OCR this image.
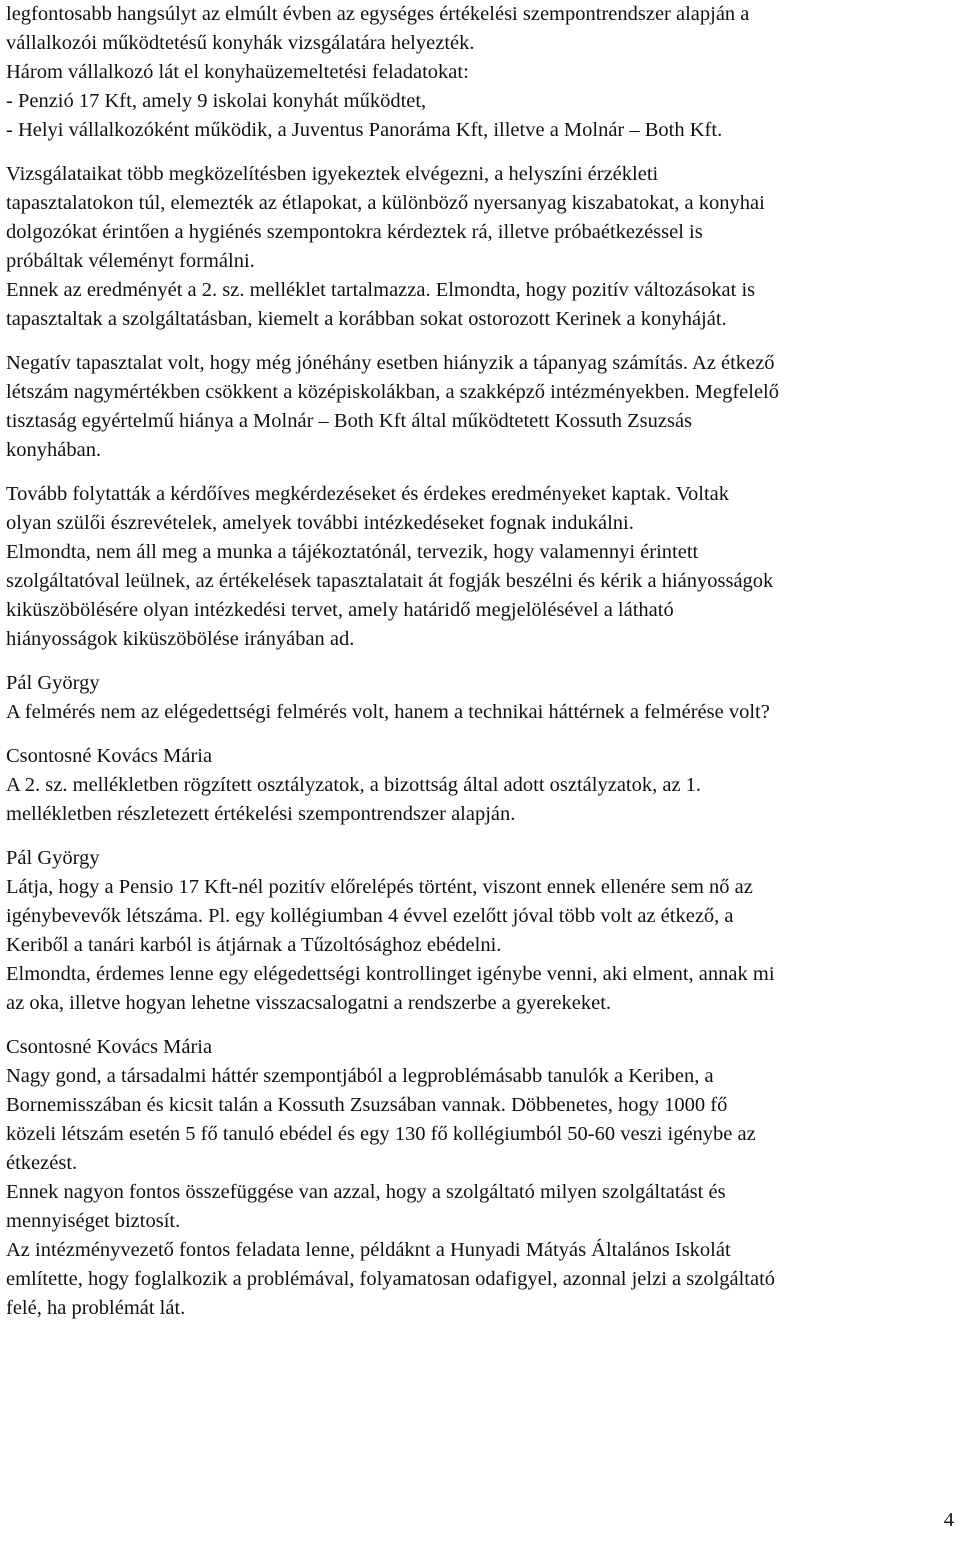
legfontosabb hangsúlyt az elmúlt évben az egységes értékelési szempontrendszer alapján a
vállalkozói működtetésű konyhák vizsgálatára helyezték.
Három vállalkozó lát el konyhaüzemeltetési feladatokat:
- Penzió 17 Kft, amely 9 iskolai konyhát működtet,
- Helyi vállalkozóként működik, a Juventus Panoráma Kft, illetve a Molnár – Both Kft.
Vizsgálataikat több megközelítésben igyekeztek elvégezni, a helyszíni érzékleti
tapasztalatokon túl, elemezték az étlapokat, a különböző nyersanyag kiszabatokat, a konyhai
dolgozókat érintően a hygiénés szempontokra kérdeztek rá, illetve próbaétkezéssel is
próbáltak véleményt formálni.
Ennek az eredményét a 2. sz. melléklet tartalmazza. Elmondta, hogy pozitív változásokat is
tapasztaltak a szolgáltatásban, kiemelt a korábban sokat ostorozott Kerinek a konyháját.
Negatív tapasztalat volt, hogy még jónéhány esetben hiányzik a tápanyag számítás. Az étkező
létszám nagymértékben csökkent a középiskolákban, a szakképző intézményekben. Megfelelő
tisztaság egyértelmű hiánya a Molnár – Both Kft által működtetett Kossuth Zsuzsás
konyhában.
Tovább folytatták a kérdőíves megkérdezéseket és érdekes eredményeket kaptak. Voltak
olyan szülői észrevételek, amelyek további intézkedéseket fognak indukálni.
Elmondta, nem áll meg a munka a tájékoztatónál, tervezik, hogy valamennyi érintett
szolgáltatóval leülnek, az értékelések tapasztalatait át fogják beszélni és kérik a hiányosságok
kiküszöbölésére olyan intézkedési tervet, amely határidő megjelölésével a látható
hiányosságok kiküszöbölése irányában ad.
Pál György
A felmérés nem az elégedettségi felmérés volt, hanem a technikai háttérnek a felmérése volt?
Csontosné Kovács Mária
A 2. sz. mellékletben rögzített osztályzatok, a bizottság által adott osztályzatok, az 1.
mellékletben részletezett értékelési szempontrendszer alapján.
Pál György
Látja, hogy a Pensio 17 Kft-nél pozitív előrelépés történt, viszont ennek ellenére sem nő az
igénybevevők létszáma. Pl. egy kollégiumban 4 évvel ezelőtt jóval több volt az étkező, a
Keriből a tanári karból is átjárnak a Tűzoltósághoz ebédelni.
Elmondta, érdemes lenne egy elégedettségi kontrollinget igénybe venni, aki elment, annak mi
az oka, illetve hogyan lehetne visszacsalogatni a rendszerbe a gyerekeket.
Csontosné Kovács Mária
Nagy gond, a társadalmi háttér szempontjából a legproblémásabb tanulók a Keriben, a
Bornemisszában és kicsit talán a Kossuth Zsuzsában vannak. Döbbenetes, hogy 1000 fő
közeli létszám esetén 5 fő tanuló ebédel és egy 130 fő kollégiumból 50-60 veszi igénybe az
étkezést.
Ennek nagyon fontos összefüggése van azzal, hogy a szolgáltató milyen szolgáltatást és
mennyiséget biztosít.
Az intézményvezető fontos feladata lenne, példáknt a Hunyadi Mátyás Általános Iskolát
említette, hogy foglalkozik a problémával, folyamatosan odafigyel, azonnal jelzi a szolgáltató
felé, ha problémát lát.
4
